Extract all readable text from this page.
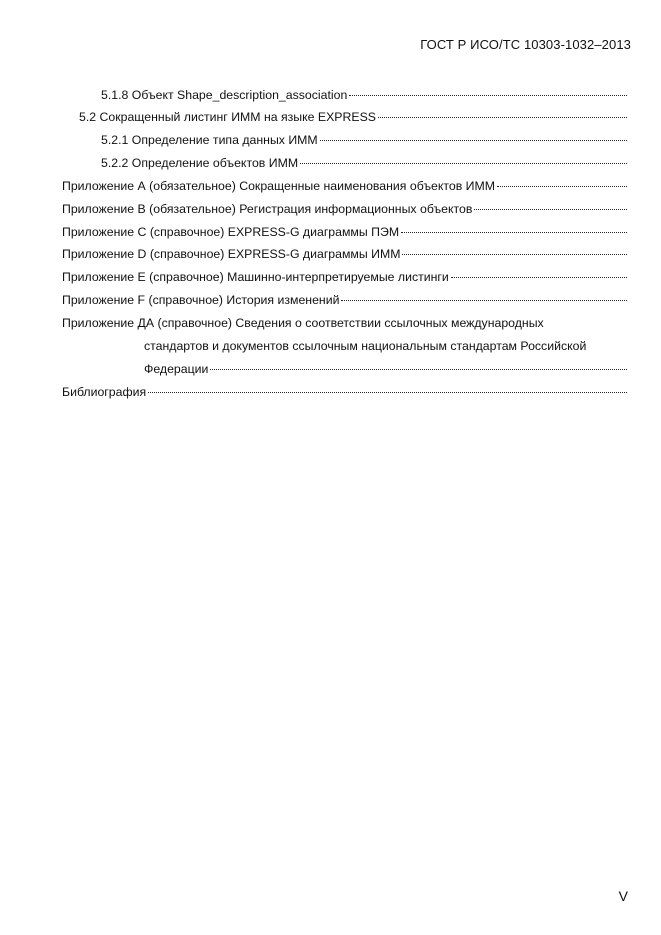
ГОСТ Р ИСО/ТС 10303-1032–2013
5.1.8 Объект Shape_description_association
5.2 Сокращенный листинг ИММ на языке EXPRESS
5.2.1 Определение типа данных ИММ
5.2.2 Определение объектов ИММ
Приложение А (обязательное) Сокращенные наименования объектов ИММ
Приложение В (обязательное) Регистрация информационных объектов
Приложение С (справочное) EXPRESS-G диаграммы ПЭМ
Приложение D (справочное) EXPRESS-G диаграммы ИММ
Приложение Е (справочное) Машинно-интерпретируемые листинги
Приложение F (справочное) История изменений
Приложение ДА (справочное) Сведения о соответствии ссылочных международных
стандартов и документов ссылочным национальным стандартам Российской
Федерации
Библиография
V
